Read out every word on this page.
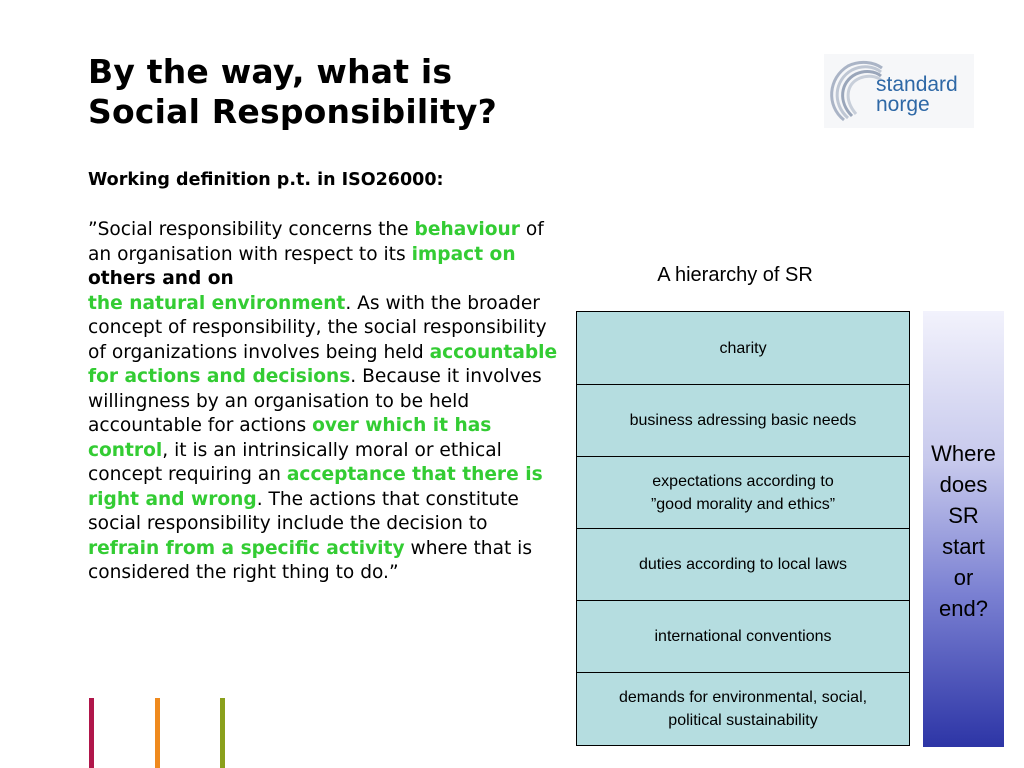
By the way, what is
Social Responsibility?

Working definition p.t. in ISO26000:

”Social responsibility concerns the behaviour of an organisation with respect to its impact on others and on
the natural environment. As with the broader concept of responsibility, the social responsibility of organizations involves being held accountable for actions and decisions. Because it involves willingness by an organisation to be held accountable for actions over which it has control, it is an intrinsically moral or ethical concept requiring an acceptance that there is right and wrong. The actions that constitute social responsibility include the decision to refrain from a specific activity where that is considered the right thing to do.”

standard
norge
A hierarchy of SR
charity
business adressing basic needs
expectations according to
”good morality and ethics”
duties according to local laws
international conventions
demands for environmental, social,
political sustainability

Where
does
SR
start
or
end?
